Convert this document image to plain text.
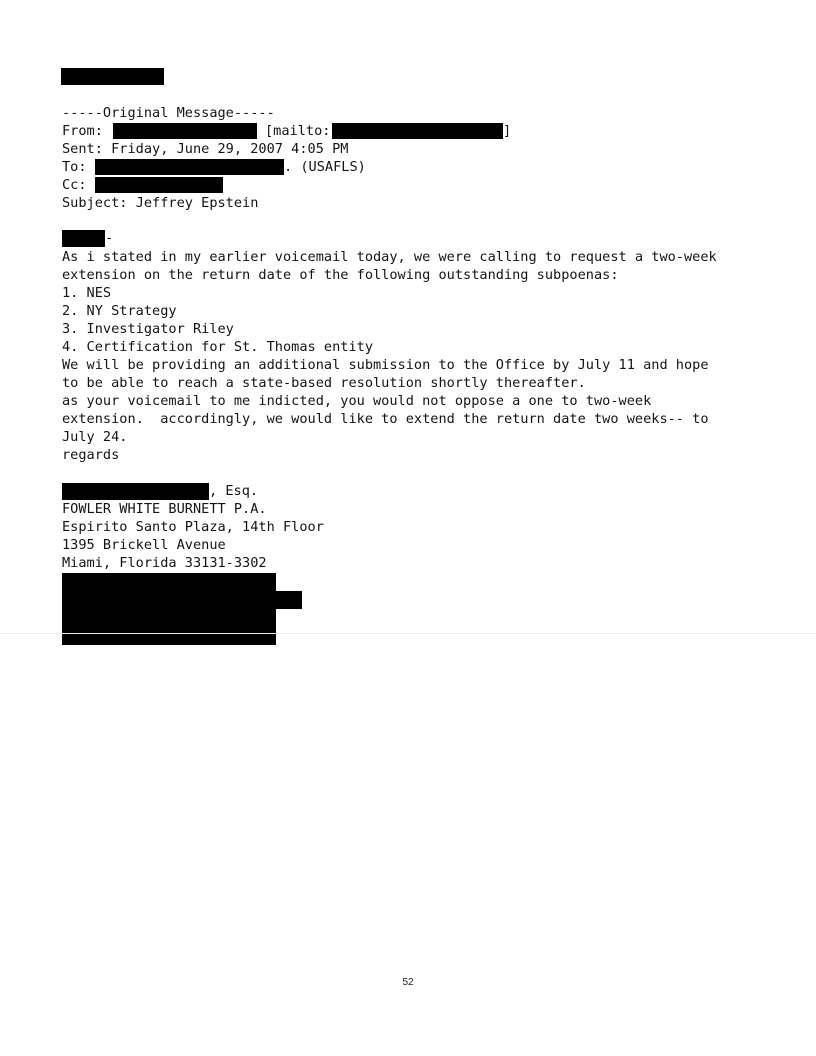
-----Original Message-----
From:	[mailto:	]
Sent: Friday, June 29, 2007 4:05 PM
To:	. (USAFLS)
Cc:
Subject: Jeffrey Epstein
-
As i stated in my earlier voicemail today, we were calling to request a two-week
extension on the return date of the following outstanding subpoenas:
1. NES
2. NY Strategy
3. Investigator Riley
4. Certification for St. Thomas entity
We will be providing an additional submission to the Office by July 11 and hope
to be able to reach a state-based resolution shortly thereafter.
as your voicemail to me indicted, you would not oppose a one to two-week
extension.  accordingly, we would like to extend the return date two weeks-- to
July 24.
regards
, Esq.
FOWLER WHITE BURNETT P.A.
Espirito Santo Plaza, 14th Floor
1395 Brickell Avenue
Miami, Florida 33131-3302
52
